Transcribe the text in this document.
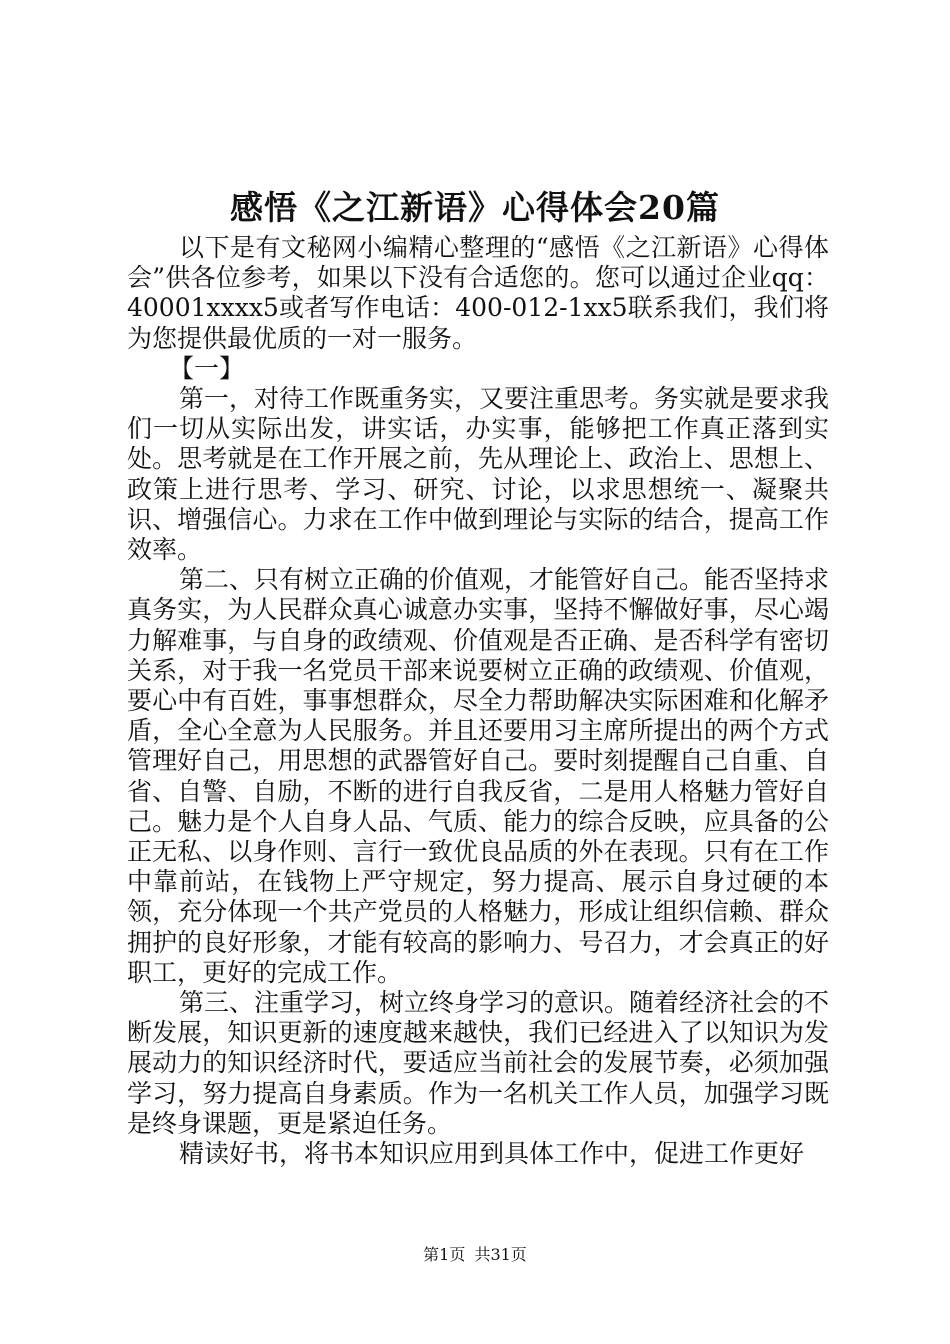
感悟《之江新语》心得体会20篇

以下是有文秘网小编精心整理的“感悟《之江新语》心得体会”供各位参考，如果以下没有合适您的。您可以通过企业qq：40001xxxx5或者写作电话：400-012-1xx5联系我们，我们将为您提供最优质的一对一服务。

【一】

第一，对待工作既重务实，又要注重思考。务实就是要求我们一切从实际出发，讲实话，办实事，能够把工作真正落到实处。思考就是在工作开展之前，先从理论上、政治上、思想上、政策上进行思考、学习、研究、讨论，以求思想统一、凝聚共识、增强信心。力求在工作中做到理论与实际的结合，提高工作效率。

第二、只有树立正确的价值观，才能管好自己。能否坚持求真务实，为人民群众真心诚意办实事，坚持不懈做好事，尽心竭力解难事，与自身的政绩观、价值观是否正确、是否科学有密切关系，对于我一名党员干部来说要树立正确的政绩观、价值观，要心中有百姓，事事想群众，尽全力帮助解决实际困难和化解矛盾，全心全意为人民服务。并且还要用习主席所提出的两个方式管理好自己，用思想的武器管好自己。要时刻提醒自己自重、自省、自警、自励，不断的进行自我反省，二是用人格魅力管好自己。魅力是个人自身人品、气质、能力的综合反映，应具备的公正无私、以身作则、言行一致优良品质的外在表现。只有在工作中靠前站，在钱物上严守规定，努力提高、展示自身过硬的本领，充分体现一个共产党员的人格魅力，形成让组织信赖、群众拥护的良好形象，才能有较高的影响力、号召力，才会真正的好职工，更好的完成工作。

第三、注重学习，树立终身学习的意识。随着经济社会的不断发展，知识更新的速度越来越快，我们已经进入了以知识为发展动力的知识经济时代，要适应当前社会的发展节奏，必须加强学习，努力提高自身素质。作为一名机关工作人员，加强学习既是终身课题，更是紧迫任务。

精读好书，将书本知识应用到具体工作中，促进工作更好

第1页 共31页
